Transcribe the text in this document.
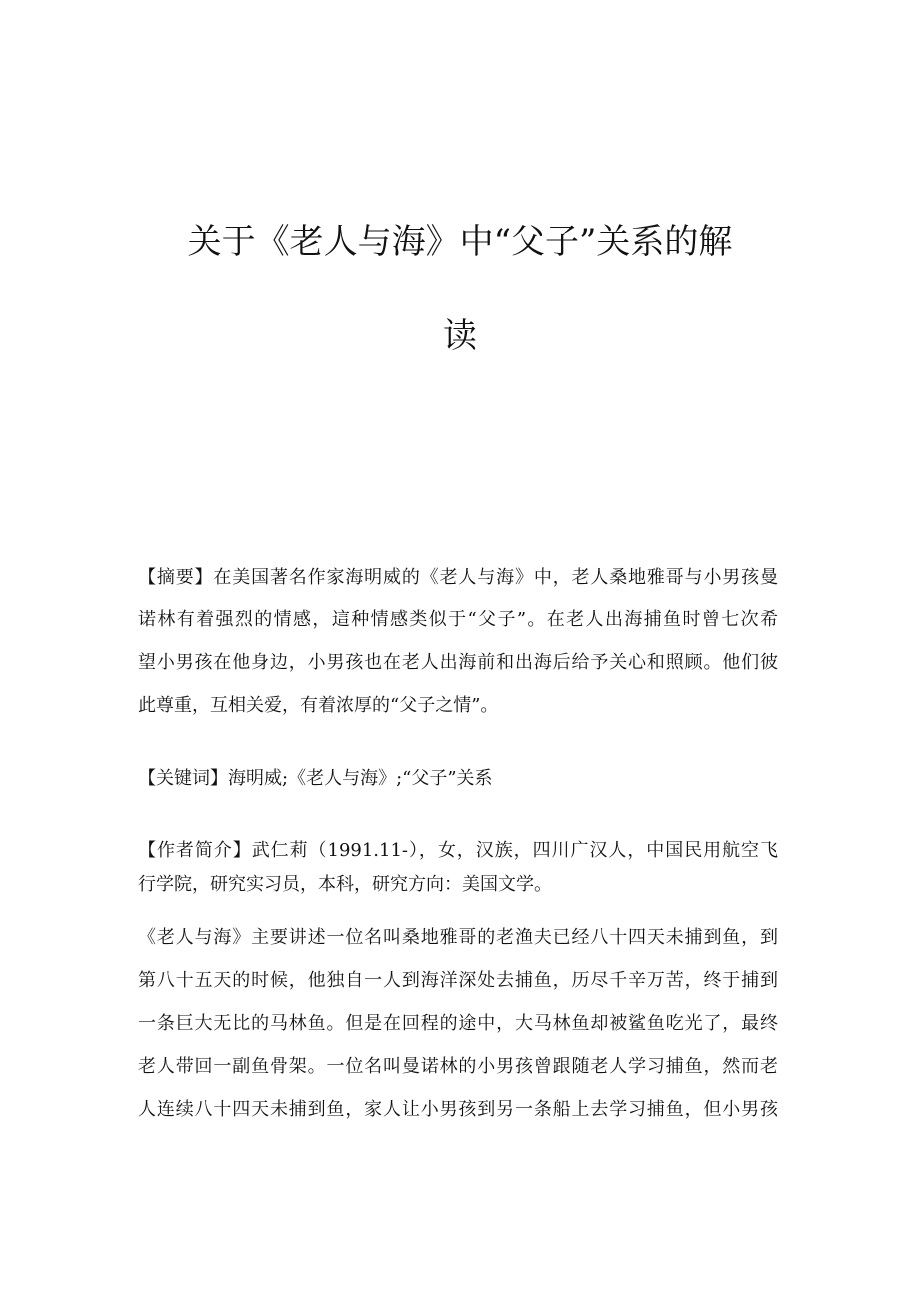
关于《老人与海》中“父子”关系的解
读
【摘要】在美国著名作家海明威的《老人与海》中，老人桑地雅哥与小男孩曼
诺林有着强烈的情感，這种情感类似于“父子”。在老人出海捕鱼时曾七次希
望小男孩在他身边，小男孩也在老人出海前和出海后给予关心和照顾。他们彼
此尊重，互相关爱，有着浓厚的“父子之情”。
【关键词】海明威;《老人与海》;“父子”关系
【作者简介】武仁莉（1991.11-），女，汉族，四川广汉人，中国民用航空飞
行学院，研究实习员，本科，研究方向：美国文学。
《老人与海》主要讲述一位名叫桑地雅哥的老渔夫已经八十四天未捕到鱼，到
第八十五天的时候，他独自一人到海洋深处去捕鱼，历尽千辛万苦，终于捕到
一条巨大无比的马林鱼。但是在回程的途中，大马林鱼却被鲨鱼吃光了，最终
老人带回一副鱼骨架。一位名叫曼诺林的小男孩曾跟随老人学习捕鱼，然而老
人连续八十四天未捕到鱼，家人让小男孩到另一条船上去学习捕鱼，但小男孩
